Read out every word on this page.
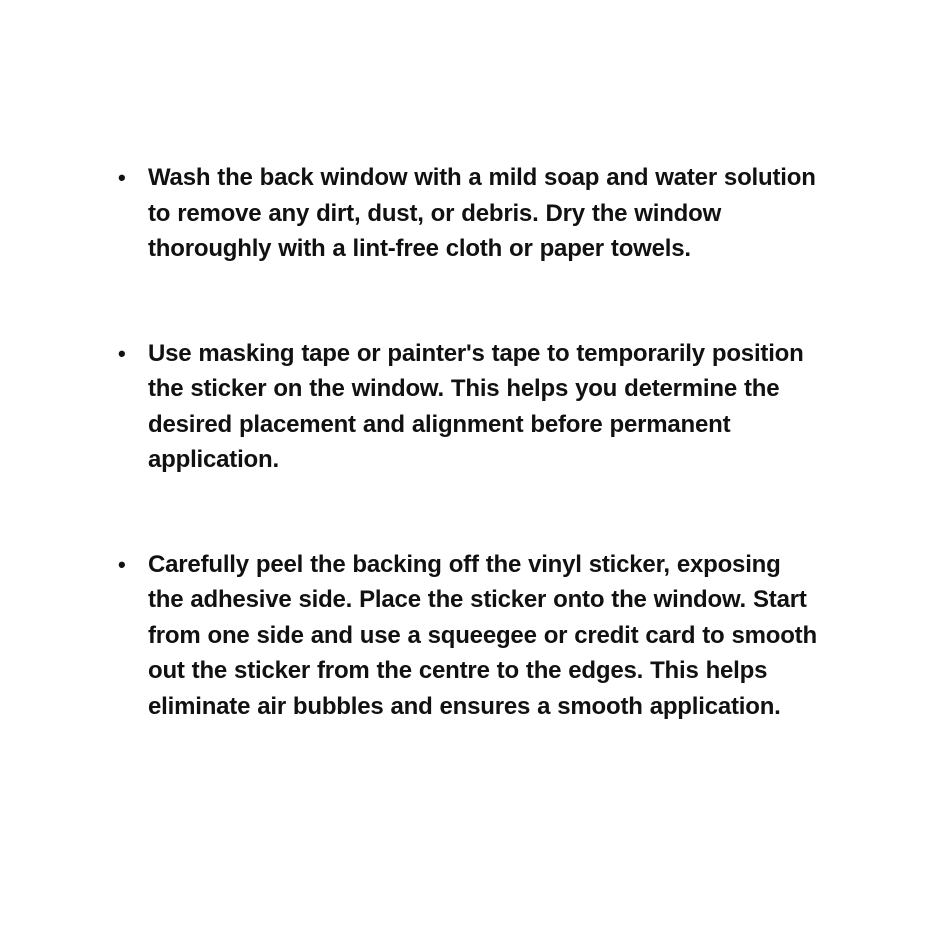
• Wash the back window with a mild soap and water solution to remove any dirt, dust, or debris. Dry the window thoroughly with a lint-free cloth or paper towels.
• Use masking tape or painter's tape to temporarily position the sticker on the window. This helps you determine the desired placement and alignment before permanent application.
• Carefully peel the backing off the vinyl sticker, exposing the adhesive side. Place the sticker onto the window. Start from one side and use a squeegee or credit card to smooth out the sticker from the centre to the edges. This helps eliminate air bubbles and ensures a smooth application.
